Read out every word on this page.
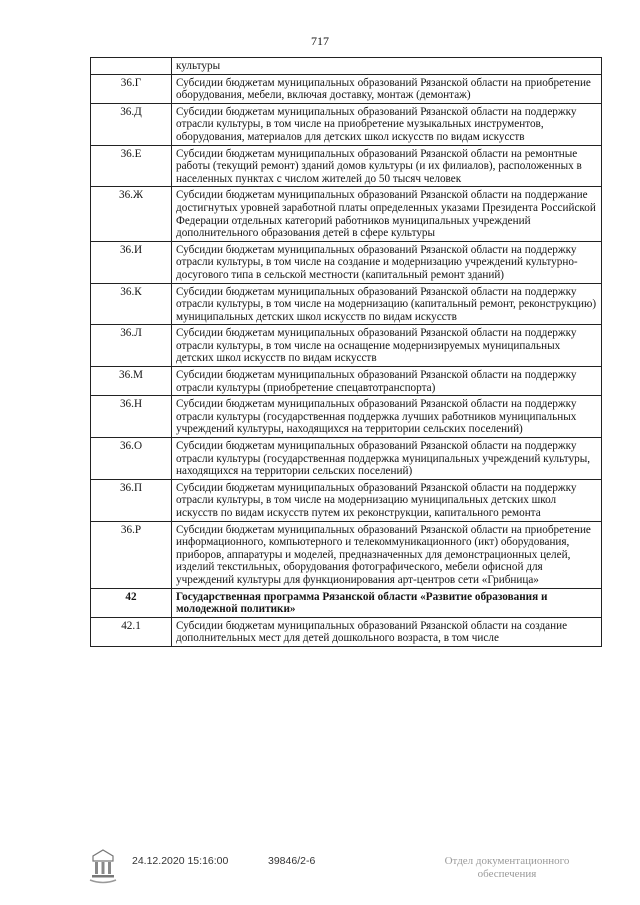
717
	культуры
36.Г	Субсидии бюджетам муниципальных образований Рязанской области на приобретение оборудования, мебели, включая доставку, монтаж (демонтаж)
36.Д	Субсидии бюджетам муниципальных образований Рязанской области на поддержку отрасли культуры, в том числе на приобретение музыкальных инструментов, оборудования, материалов для детских школ искусств по видам искусств
36.Е	Субсидии бюджетам муниципальных образований Рязанской области на ремонтные работы (текущий ремонт) зданий домов культуры (и их филиалов), расположенных в населенных пунктах с числом жителей до 50 тысяч человек
36.Ж	Субсидии бюджетам муниципальных образований Рязанской области на поддержание достигнутых уровней заработной платы определенных указами Президента Российской Федерации отдельных категорий работников муниципальных учреждений дополнительного образования детей в сфере культуры
36.И	Субсидии бюджетам муниципальных образований Рязанской области на поддержку отрасли культуры, в том числе на создание и модернизацию учреждений культурно-досугового типа в сельской местности (капитальный ремонт зданий)
36.К	Субсидии бюджетам муниципальных образований Рязанской области на поддержку отрасли культуры, в том числе на модернизацию (капитальный ремонт, реконструкцию) муниципальных детских школ искусств по видам искусств
36.Л	Субсидии бюджетам муниципальных образований Рязанской области на поддержку отрасли культуры, в том числе на оснащение модернизируемых муниципальных детских школ искусств по видам искусств
36.М	Субсидии бюджетам муниципальных образований Рязанской области на поддержку отрасли культуры (приобретение спецавтотранспорта)
36.Н	Субсидии бюджетам муниципальных образований Рязанской области на поддержку отрасли культуры (государственная поддержка лучших работников муниципальных учреждений культуры, находящихся на территории сельских поселений)
36.О	Субсидии бюджетам муниципальных образований Рязанской области на поддержку отрасли культуры (государственная поддержка муниципальных учреждений культуры, находящихся на территории сельских поселений)
36.П	Субсидии бюджетам муниципальных образований Рязанской области на поддержку отрасли культуры, в том числе на модернизацию муниципальных детских школ искусств по видам искусств путем их реконструкции, капитального ремонта
36.Р	Субсидии бюджетам муниципальных образований Рязанской области на приобретение информационного, компьютерного и телекоммуникационного (икт) оборудования, приборов, аппаратуры и моделей, предназначенных для демонстрационных целей, изделий текстильных, оборудования фотографического, мебели офисной для учреждений культуры для функционирования арт-центров сети «Грибница»
42	Государственная программа Рязанской области «Развитие образования и молодежной политики»
42.1	Субсидии бюджетам муниципальных образований Рязанской области на создание дополнительных мест для детей дошкольного возраста, в том числе
24.12.2020 15:16:00	39846/2-6	Отдел документационного обеспечения
